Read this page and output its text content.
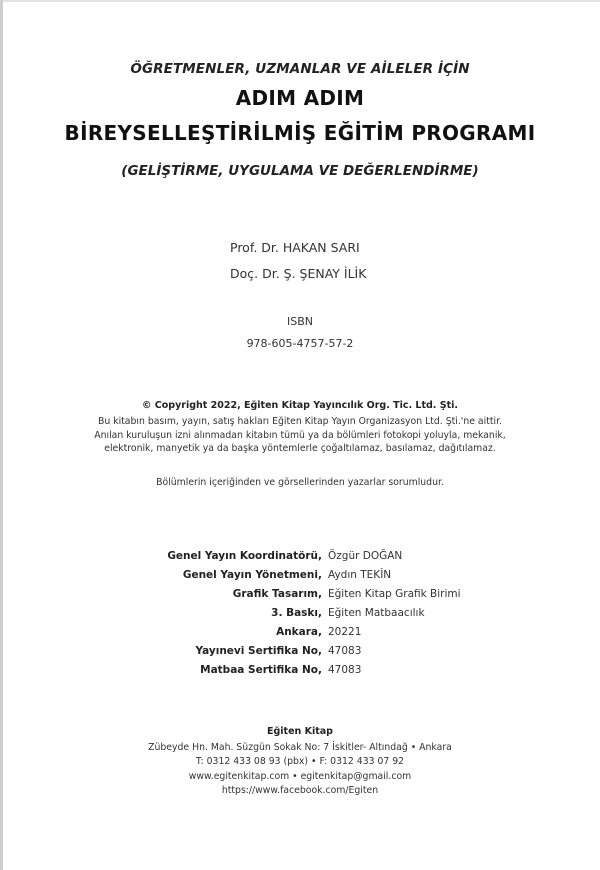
ÖĞRETMENLER, UZMANLAR VE AİLELER İÇİN
ADIM ADIM
BİREYSELLEŞTİRİLMİŞ EĞİTİM PROGRAMI
(GELİŞTİRME, UYGULAMA VE DEĞERLENDİRME)
Prof. Dr. HAKAN SARI
Doç. Dr. Ş. ŞENAY İLİK
ISBN
978-605-4757-57-2
© Copyright 2022, Eğiten Kitap Yayıncılık Org. Tic. Ltd. Şti.
Bu kitabın basım, yayın, satış hakları Eğiten Kitap Yayın Organizasyon Ltd. Şti.'ne aittir.
Anılan kuruluşun izni alınmadan kitabın tümü ya da bölümleri fotokopi yoluyla, mekanik,
elektronik, manyetik ya da başka yöntemlerle çoğaltılamaz, basılamaz, dağıtılamaz.
Bölümlerin içeriğinden ve görsellerinden yazarlar sorumludur.
Genel Yayın Koordinatörü,	Özgür DOĞAN
Genel Yayın Yönetmeni,	Aydın TEKİN
Grafik Tasarım,	Eğiten Kitap Grafik Birimi
3. Baskı,	Eğiten Matbaacılık
Ankara,	20221
Yayınevi Sertifika No,	47083
Matbaa Sertifika No,	47083
Eğiten Kitap
Zübeyde Hn. Mah. Süzgün Sokak No: 7 İskitler- Altındağ • Ankara
T: 0312 433 08 93 (pbx) • F: 0312 433 07 92
www.egitenkitap.com • egitenkitap@gmail.com
https://www.facebook.com/Egiten
